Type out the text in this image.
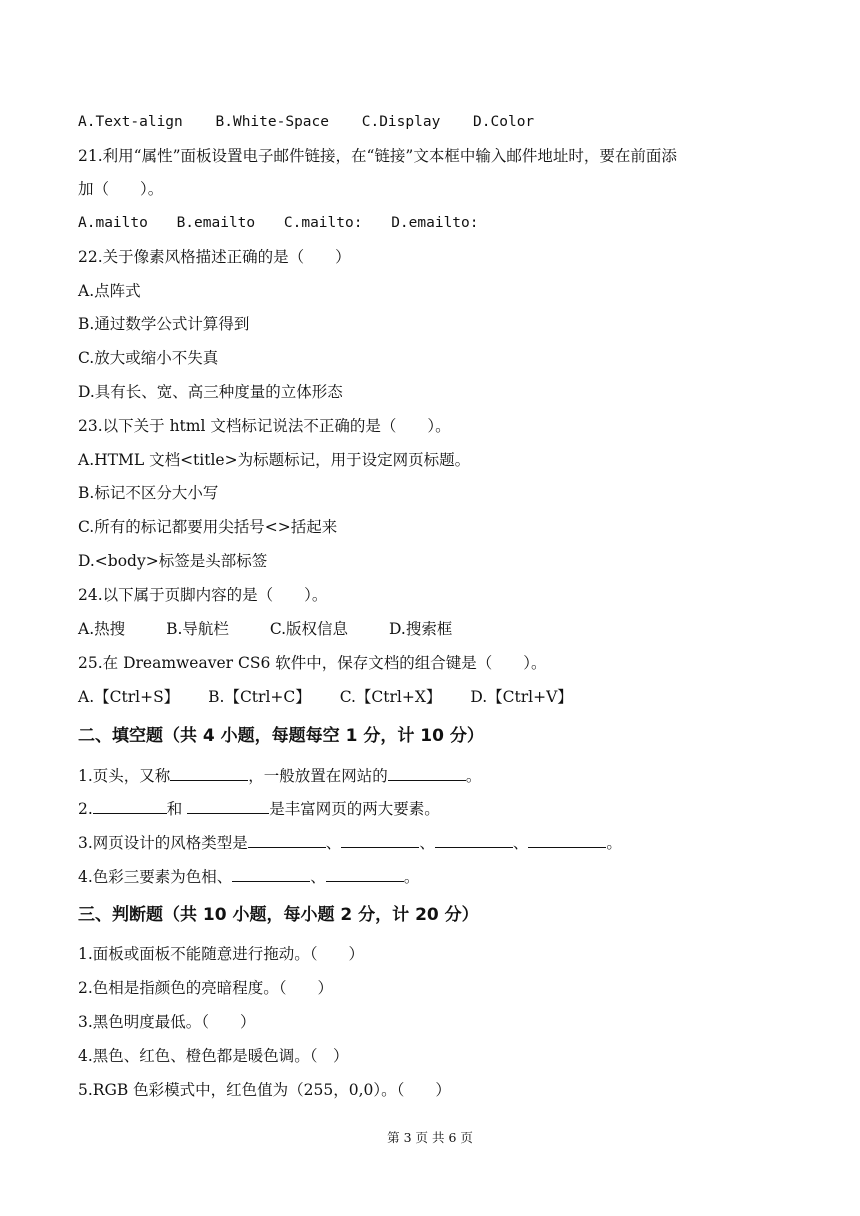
A.Text-align B.White-Space C.Display D.Color
21.利用“属性”面板设置电子邮件链接，在“链接”文本框中输入邮件地址时，要在前面添
加（　　）。
A.mailto B.emailto C.mailto: D.emailto:
22.关于像素风格描述正确的是（　　）
A.点阵式
B.通过数学公式计算得到
C.放大或缩小不失真
D.具有长、宽、高三种度量的立体形态
23.以下关于 html 文档标记说法不正确的是（　　）。
A.HTML 文档<title>为标题标记，用于设定网页标题。
B.标记不区分大小写
C.所有的标记都要用尖括号<>括起来
D.<body>标签是头部标签
24.以下属于页脚内容的是（　　）。
A.热搜	B.导航栏	C.版权信息	D.搜索框
25.在 Dreamweaver CS6 软件中，保存文档的组合键是（　　）。
A.【Ctrl+S】 B.【Ctrl+C】 C.【Ctrl+X】 D.【Ctrl+V】
二、填空题（共 4 小题，每题每空 1 分，计 10 分）
1.页头，又称	，一般放置在网站的	。
2.	和	是丰富网页的两大要素。
3.网页设计的风格类型是	、	、	、	。
4.色彩三要素为色相、	、	。
三、判断题（共 10 小题，每小题 2 分，计 20 分）
1.面板或面板不能随意进行拖动。（　　）
2.色相是指颜色的亮暗程度。（　　）
3.黑色明度最低。（　　）
4.黑色、红色、橙色都是暖色调。（　）
5.RGB 色彩模式中，红色值为（255，0,0）。（　　）
第 3 页 共 6 页
